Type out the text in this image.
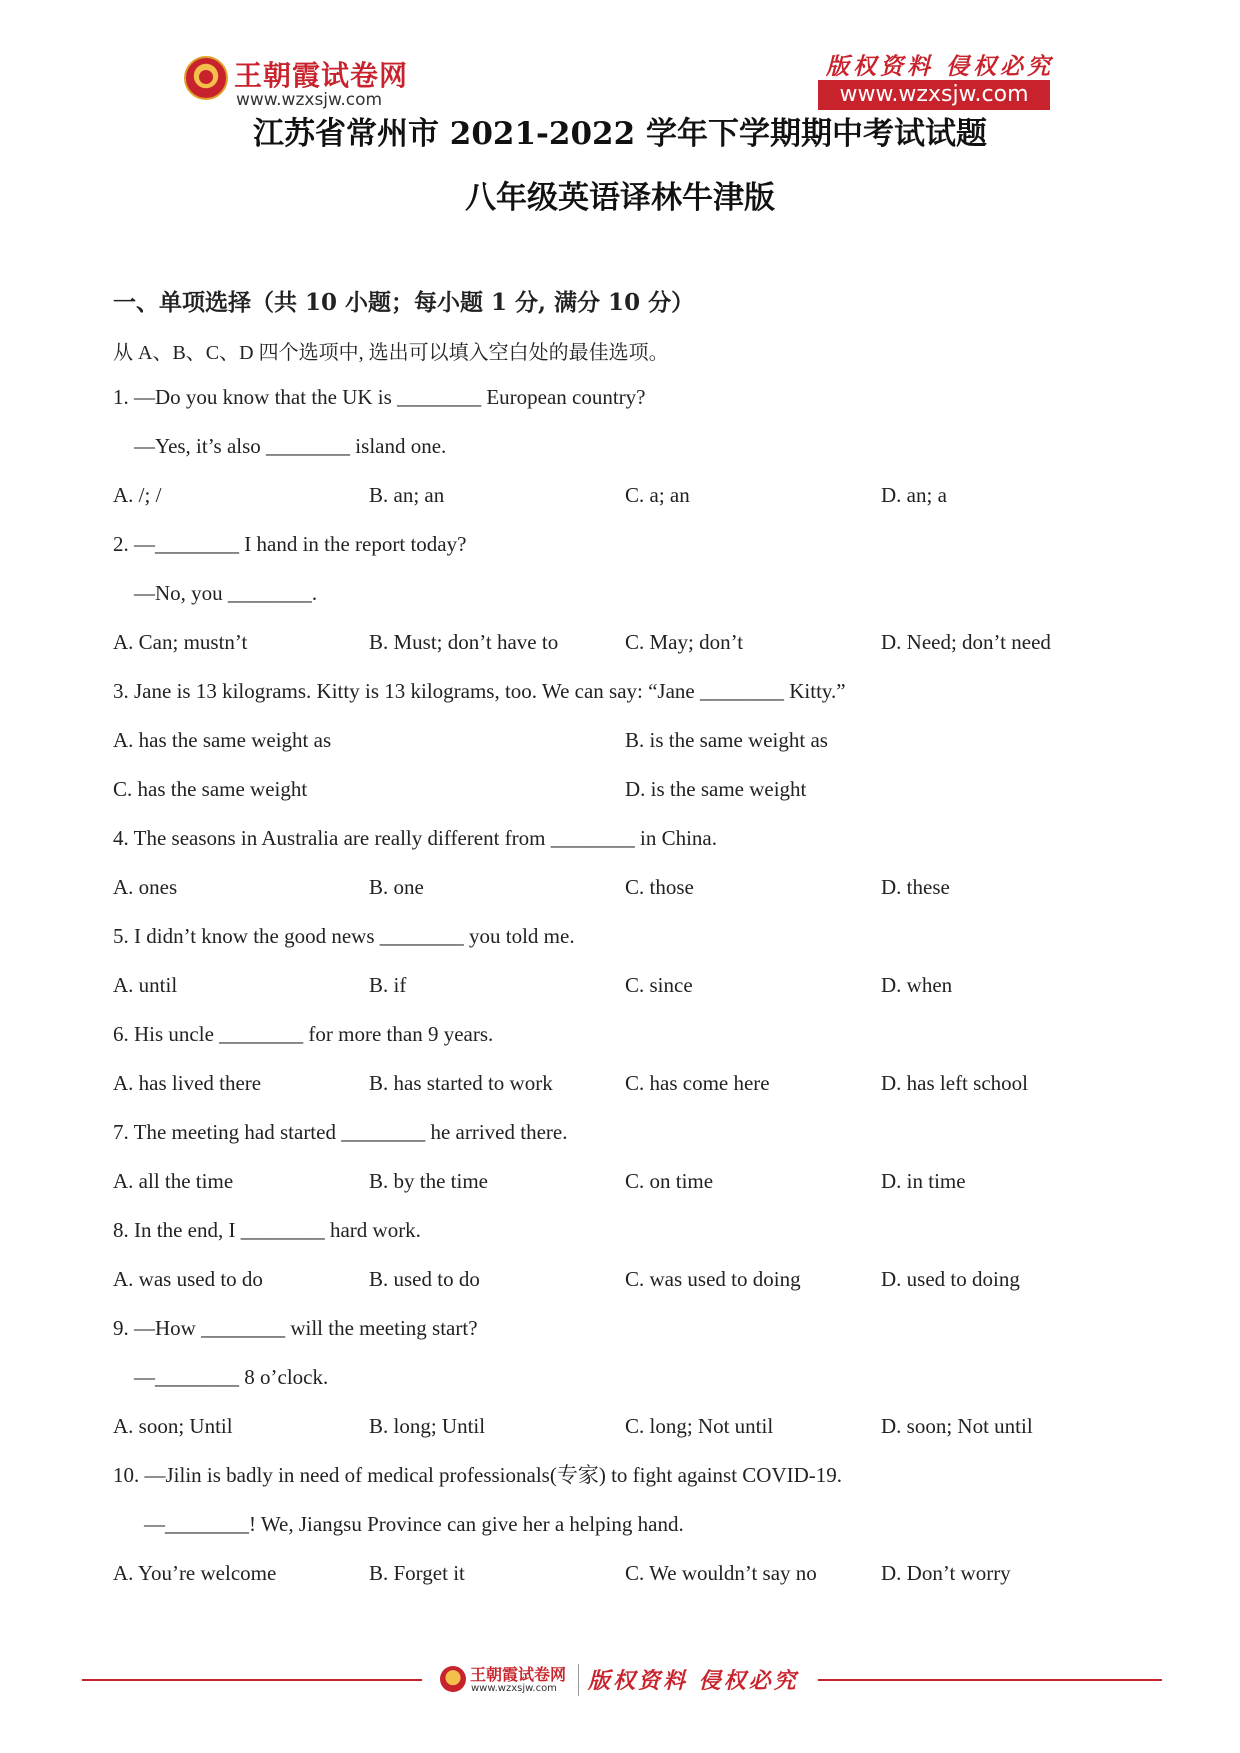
王朝霞试卷网
www.wzxsjw.com
版权资料 侵权必究
www.wzxsjw.com
江苏省常州市 2021-2022 学年下学期期中考试试题
八年级英语译林牛津版
一、单项选择（共 10 小题；每小题 1 分, 满分 10 分）
从 A、B、C、D 四个选项中, 选出可以填入空白处的最佳选项。
1. —Do you know that the UK is ________ European country?
—Yes, it’s also ________ island one.
A. /; /	B. an; an	C. a; an	D. an; a
2. —________ I hand in the report today?
—No, you ________.
A. Can; mustn’t	B. Must; don’t have to	C. May; don’t	D. Need; don’t need
3. Jane is 13 kilograms. Kitty is 13 kilograms, too. We can say: “Jane ________ Kitty.”
A. has the same weight as	B. is the same weight as
C. has the same weight	D. is the same weight
4. The seasons in Australia are really different from ________ in China.
A. ones	B. one	C. those	D. these
5. I didn’t know the good news ________ you told me.
A. until	B. if	C. since	D. when
6. His uncle ________ for more than 9 years.
A. has lived there	B. has started to work	C. has come here	D. has left school
7. The meeting had started ________ he arrived there.
A. all the time	B. by the time	C. on time	D. in time
8. In the end, I ________ hard work.
A. was used to do	B. used to do	C. was used to doing	D. used to doing
9. —How ________ will the meeting start?
—________ 8 o’clock.
A. soon; Until	B. long; Until	C. long; Not until	D. soon; Not until
10. —Jilin is badly in need of medical professionals(专家) to fight against COVID-19.
—________! We, Jiangsu Province can give her a helping hand.
A. You’re welcome	B. Forget it	C. We wouldn’t say no	D. Don’t worry
王朝霞试卷网
www.wzxsjw.com 版权资料 侵权必究
